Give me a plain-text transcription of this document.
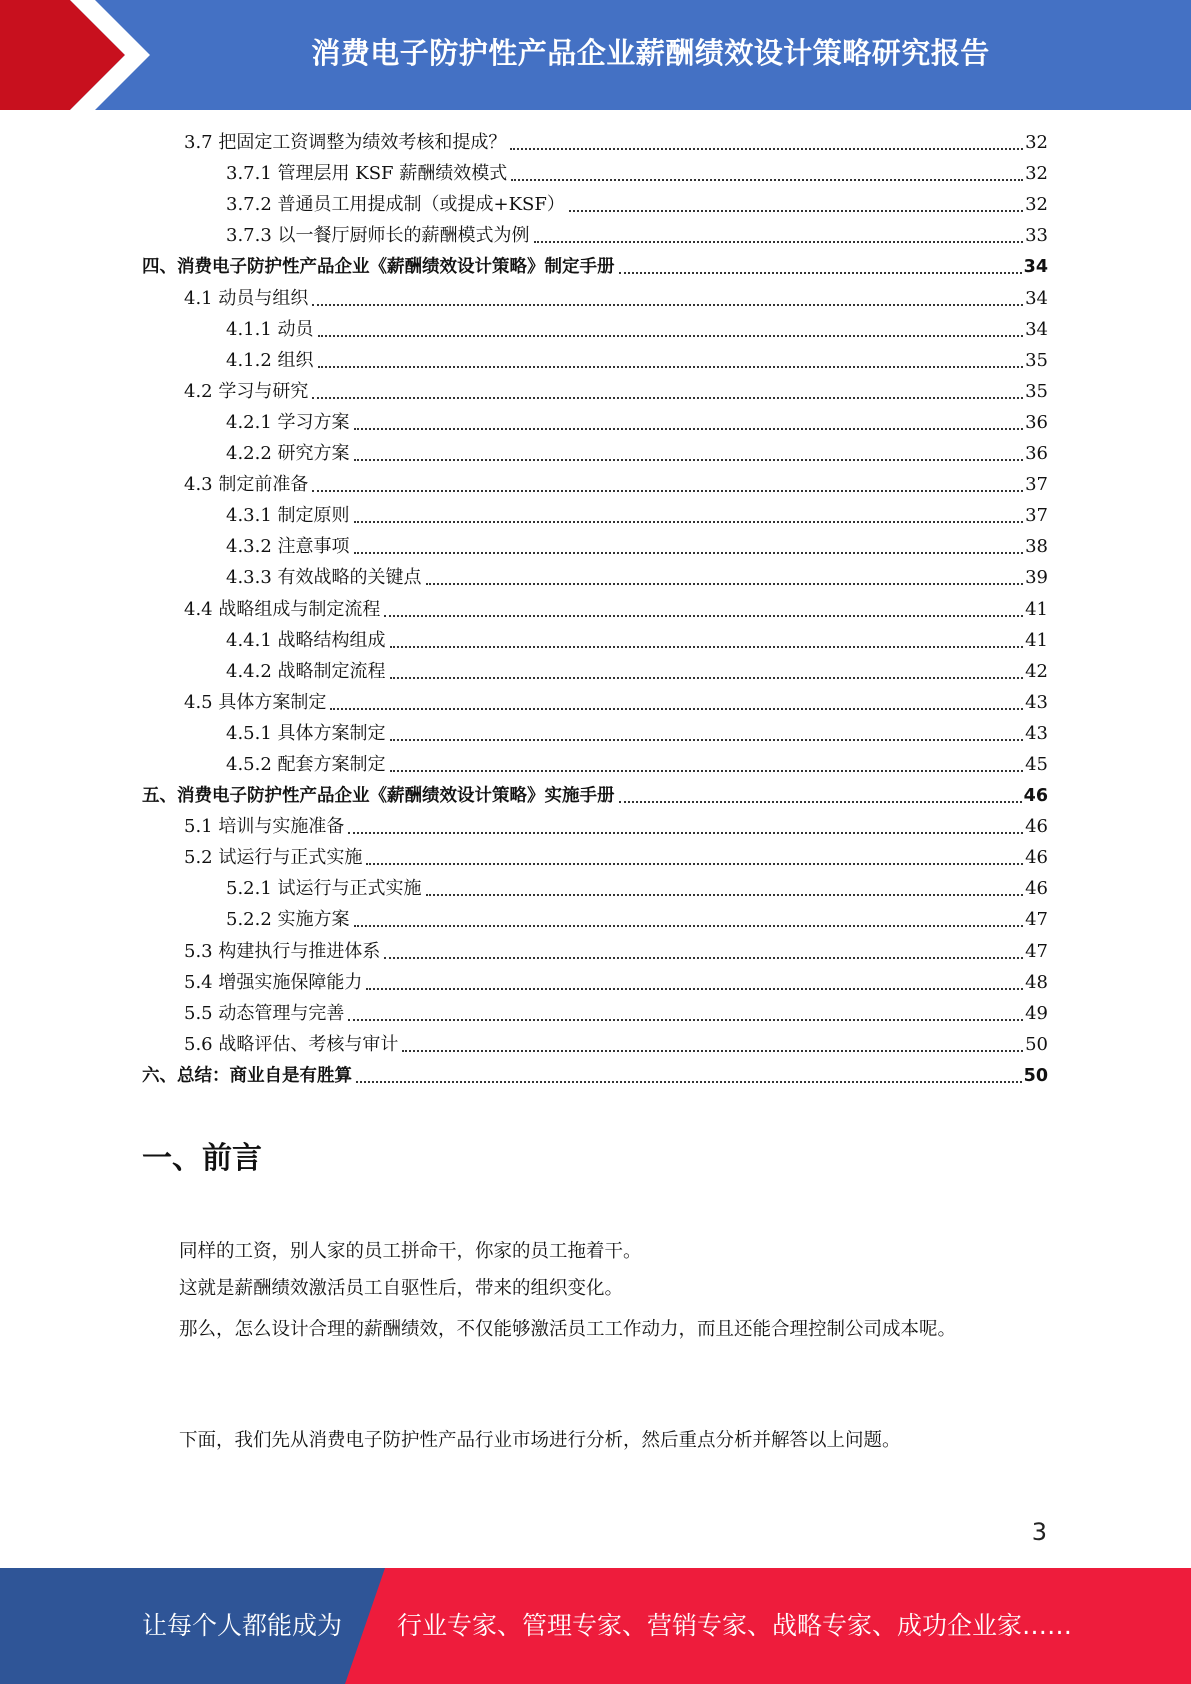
消费电子防护性产品企业薪酬绩效设计策略研究报告
3.7 把固定工资调整为绩效考核和提成？	32
3.7.1 管理层用 KSF 薪酬绩效模式	32
3.7.2 普通员工用提成制（或提成+KSF）	32
3.7.3 以一餐厅厨师长的薪酬模式为例	33
四、消费电子防护性产品企业《薪酬绩效设计策略》制定手册	34
4.1 动员与组织	34
4.1.1 动员	34
4.1.2 组织	35
4.2 学习与研究	35
4.2.1 学习方案	36
4.2.2 研究方案	36
4.3 制定前准备	37
4.3.1 制定原则	37
4.3.2 注意事项	38
4.3.3 有效战略的关键点	39
4.4 战略组成与制定流程	41
4.4.1 战略结构组成	41
4.4.2 战略制定流程	42
4.5 具体方案制定	43
4.5.1 具体方案制定	43
4.5.2 配套方案制定	45
五、消费电子防护性产品企业《薪酬绩效设计策略》实施手册	46
5.1 培训与实施准备	46
5.2 试运行与正式实施	46
5.2.1 试运行与正式实施	46
5.2.2 实施方案	47
5.3 构建执行与推进体系	47
5.4 增强实施保障能力	48
5.5 动态管理与完善	49
5.6 战略评估、考核与审计	50
六、总结：商业自是有胜算	50
一、前言

同样的工资，别人家的员工拼命干，你家的员工拖着干。

这就是薪酬绩效激活员工自驱性后，带来的组织变化。

那么，怎么设计合理的薪酬绩效，不仅能够激活员工工作动力，而且还能合理控制公司成本呢。

下面，我们先从消费电子防护性产品行业市场进行分析，然后重点分析并解答以上问题。

3
让每个人都能成为 行业专家、管理专家、营销专家、战略专家、成功企业家……
